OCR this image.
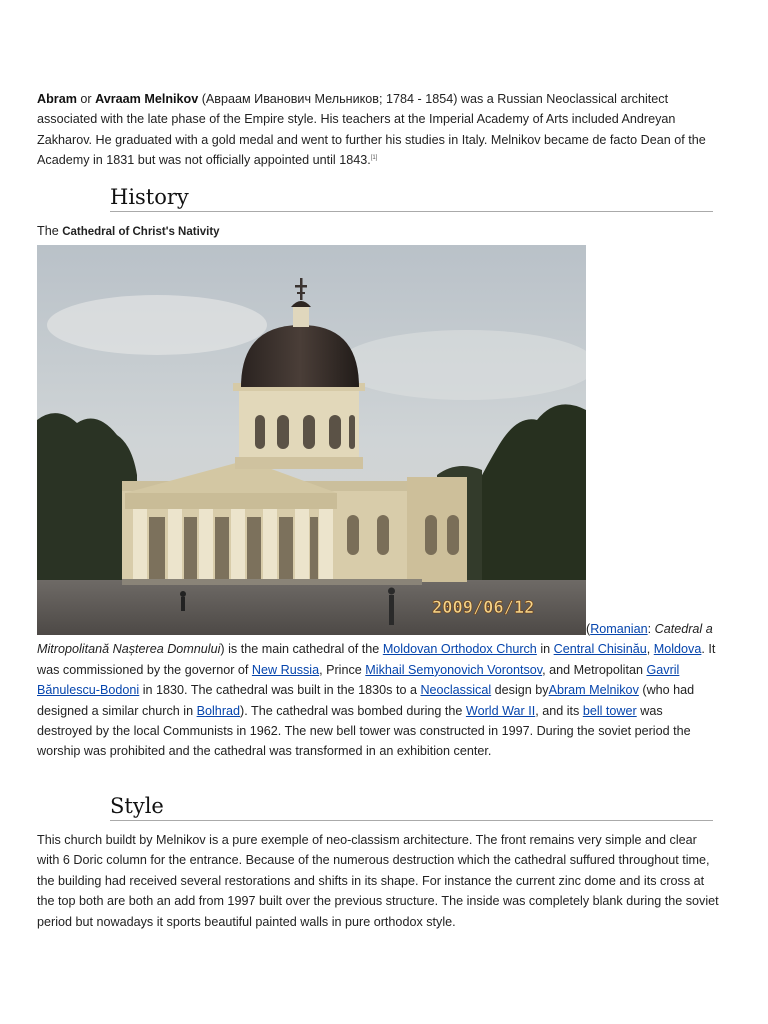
Abram or Avraam Melnikov (Авраам Иванович Мельников; 1784 - 1854) was a Russian Neoclassical architect associated with the late phase of the Empire style. His teachers at the Imperial Academy of Arts included Andreyan Zakharov. He graduated with a gold medal and went to further his studies in Italy. Melnikov became de facto Dean of the Academy in 1831 but was not officially appointed until 1843.[1]

History
The Cathedral of Christ's Nativity
2009/06/12

(Romanian: Catedral a Mitropolitană Nașterea Domnului) is the main cathedral of the Moldovan Orthodox Church in Central Chisinău, Moldova. It was commissioned by the governor of New Russia, Prince Mikhail Semyonovich Vorontsov, and Metropolitan Gavril Bănulescu-Bodoni in 1830. The cathedral was built in the 1830s to a Neoclassical design byAbram Melnikov (who had designed a similar church in Bolhrad). The cathedral was bombed during the World War II, and its bell tower was destroyed by the local Communists in 1962. The new bell tower was constructed in 1997. During the soviet period the worship was prohibited and the cathedral was transformed in an exhibition center.

Style

This church buildt by Melnikov is a pure exemple of neo-classism architecture. The front remains very simple and clear with 6 Doric column for the entrance. Because of the numerous destruction which the cathedral suffured throughout time, the building had received several restorations and shifts in its shape. For instance the current zinc dome and its cross at the top both are both an add from 1997 built over the previous structure. The inside was completely blank during the soviet period but nowadays it sports beautiful painted walls in pure orthodox style.
